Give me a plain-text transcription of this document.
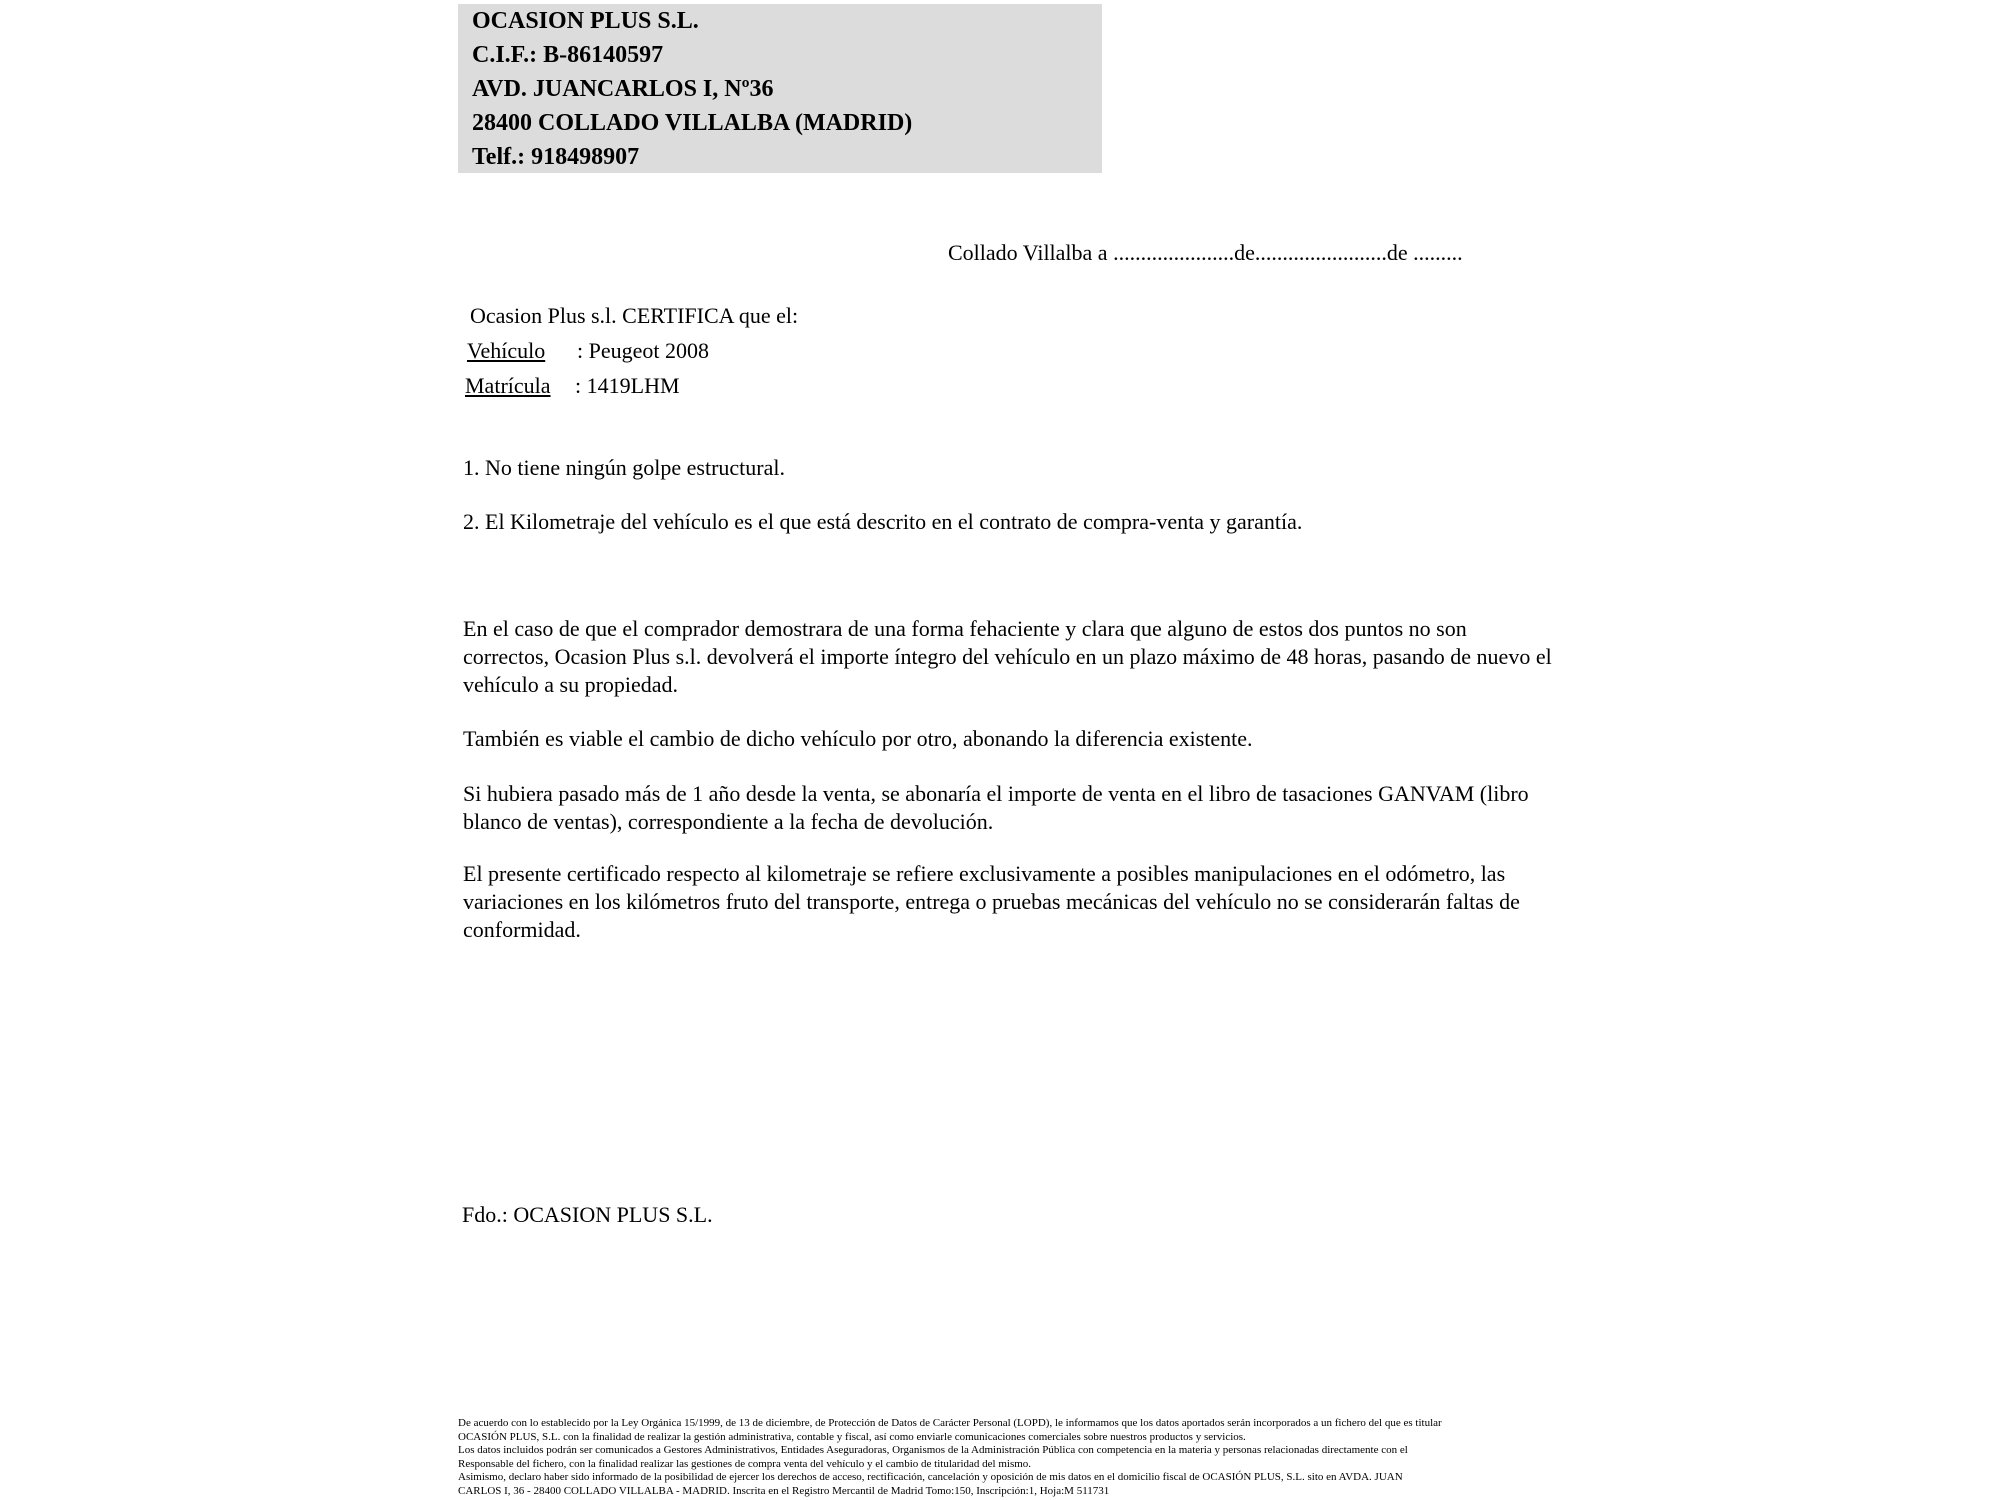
OCASION PLUS S.L.
C.I.F.: B-86140597
AVD. JUANCARLOS I, Nº36
28400 COLLADO VILLALBA (MADRID)
Telf.: 918498907
Collado Villalba a ......................de........................de .........
Ocasion Plus s.l. CERTIFICA que el:
Vehículo : Peugeot 2008
Matrícula : 1419LHM
1. No tiene ningún golpe estructural.
2. El Kilometraje del vehículo es el que está descrito en el contrato de compra-venta y garantía.
En el caso de que el comprador demostrara de una forma fehaciente y clara que alguno de estos dos puntos no son correctos, Ocasion Plus s.l. devolverá el importe íntegro del vehículo en un plazo máximo de 48 horas, pasando de nuevo el vehículo a su propiedad.
También es viable el cambio de dicho vehículo por otro, abonando la diferencia existente.
Si hubiera pasado más de 1 año desde la venta, se abonaría el importe de venta en el libro de tasaciones GANVAM (libro blanco de ventas), correspondiente a la fecha de devolución.
El presente certificado respecto al kilometraje se refiere exclusivamente a posibles manipulaciones en el odómetro, las variaciones en los kilómetros fruto del transporte, entrega o pruebas mecánicas del vehículo no se considerarán faltas de conformidad.
Fdo.: OCASION PLUS S.L.
De acuerdo con lo establecido por la Ley Orgánica 15/1999, de 13 de diciembre, de Protección de Datos de Carácter Personal (LOPD), le informamos que los datos aportados serán incorporados a un fichero del que es titular
OCASIÓN PLUS, S.L. con la finalidad de realizar la gestión administrativa, contable y fiscal, así como enviarle comunicaciones comerciales sobre nuestros productos y servicios.
Los datos incluidos podrán ser comunicados a Gestores Administrativos, Entidades Aseguradoras, Organismos de la Administración Pública con competencia en la materia y personas relacionadas directamente con el
Responsable del fichero, con la finalidad realizar las gestiones de compra venta del vehículo y el cambio de titularidad del mismo.
Asimismo, declaro haber sido informado de la posibilidad de ejercer los derechos de acceso, rectificación, cancelación y oposición de mis datos en el domicilio fiscal de OCASIÓN PLUS, S.L. sito en AVDA. JUAN
CARLOS I, 36 - 28400 COLLADO VILLALBA - MADRID. Inscrita en el Registro Mercantil de Madrid Tomo:150, Inscripción:1, Hoja:M 511731
